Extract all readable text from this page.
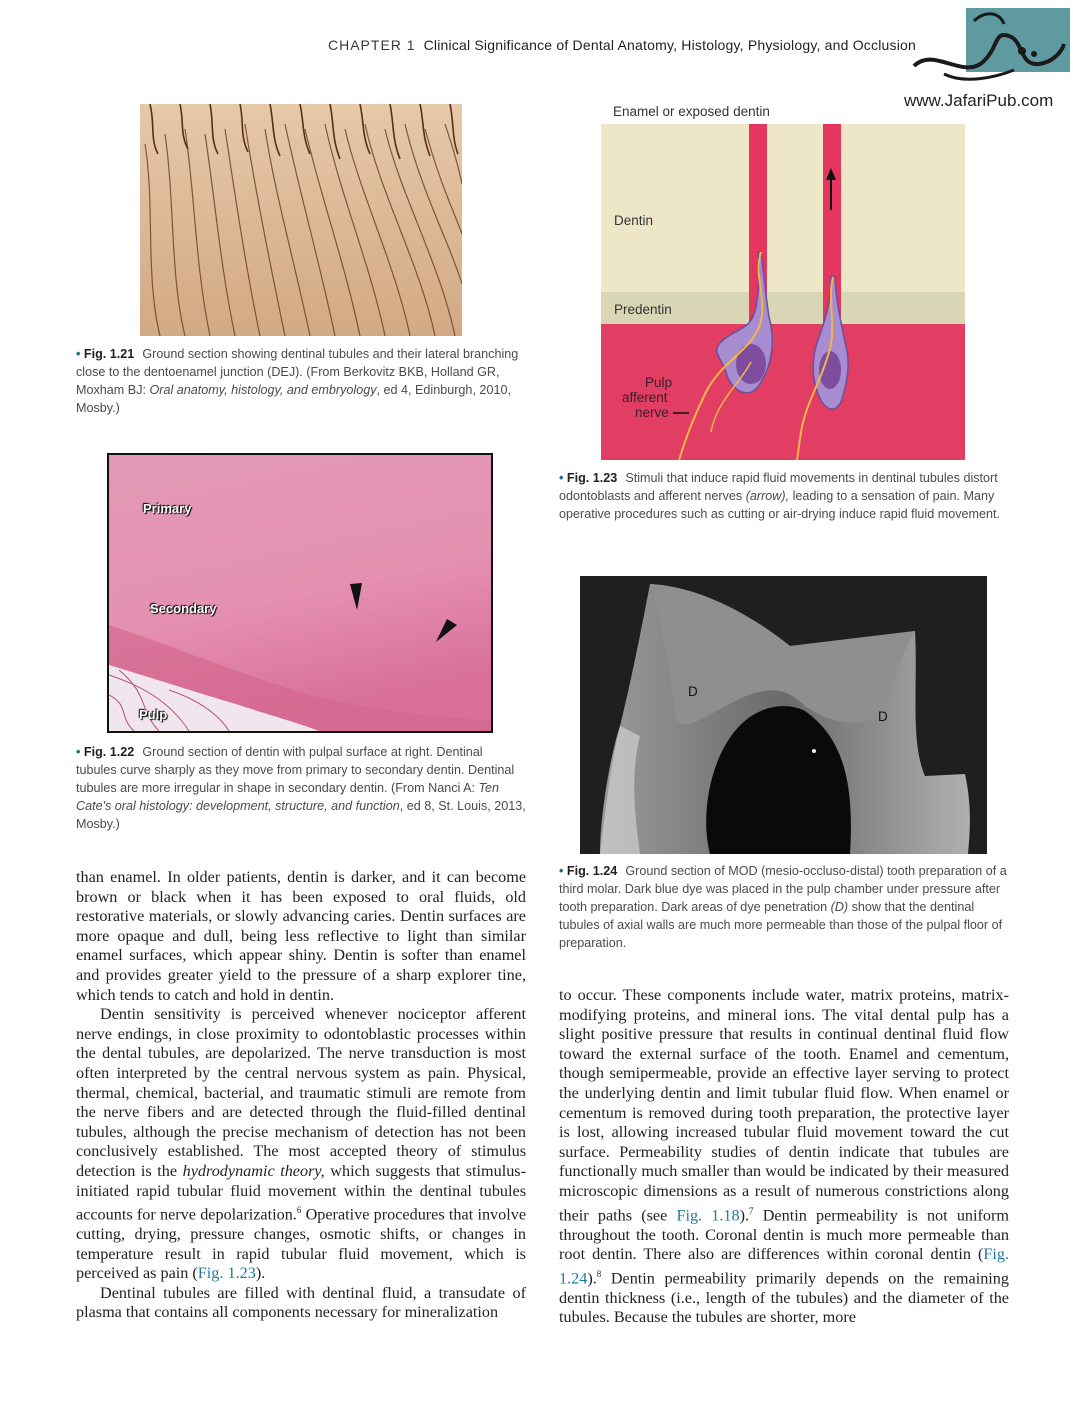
CHAPTER 1 Clinical Significance of Dental Anatomy, Histology, Physiology, and Occlusion
www.JafariPub.com
• Fig. 1.21 Ground section showing dentinal tubules and their lateral branching close to the dentoenamel junction (DEJ). (From Berkovitz BKB, Holland GR, Moxham BJ: Oral anatomy, histology, and embryology, ed 4, Edinburgh, 2010, Mosby.)
Primary
Secondary
Pulp
• Fig. 1.22 Ground section of dentin with pulpal surface at right. Dentinal tubules curve sharply as they move from primary to secondary dentin. Dentinal tubules are more irregular in shape in secondary dentin. (From Nanci A: Ten Cate's oral histology: development, structure, and function, ed 8, St. Louis, 2013, Mosby.)
Enamel or exposed dentin
Dentin
Predentin
Pulp
afferent
nerve
• Fig. 1.23 Stimuli that induce rapid fluid movements in dentinal tubules distort odontoblasts and afferent nerves (arrow), leading to a sensation of pain. Many operative procedures such as cutting or air-drying induce rapid fluid movement.
D
D
• Fig. 1.24 Ground section of MOD (mesio-occluso-distal) tooth preparation of a third molar. Dark blue dye was placed in the pulp chamber under pressure after tooth preparation. Dark areas of dye penetration (D) show that the dentinal tubules of axial walls are much more permeable than those of the pulpal floor of preparation.

than enamel. In older patients, dentin is darker, and it can become brown or black when it has been exposed to oral fluids, old restorative materials, or slowly advancing caries. Dentin surfaces are more opaque and dull, being less reflective to light than similar enamel surfaces, which appear shiny. Dentin is softer than enamel and provides greater yield to the pressure of a sharp explorer tine, which tends to catch and hold in dentin.

Dentin sensitivity is perceived whenever nociceptor afferent nerve endings, in close proximity to odontoblastic processes within the dental tubules, are depolarized. The nerve transduction is most often interpreted by the central nervous system as pain. Physical, thermal, chemical, bacterial, and traumatic stimuli are remote from the nerve fibers and are detected through the fluid-filled dentinal tubules, although the precise mechanism of detection has not been conclusively established. The most accepted theory of stimulus detection is the hydrodynamic theory, which suggests that stimulus-initiated rapid tubular fluid movement within the dentinal tubules accounts for nerve depolarization.$^6$ Operative procedures that involve cutting, drying, pressure changes, osmotic shifts, or changes in temperature result in rapid tubular fluid movement, which is perceived as pain (Fig. 1.23).

Dentinal tubules are filled with dentinal fluid, a transudate of plasma that contains all components necessary for mineralization

to occur. These components include water, matrix proteins, matrix-modifying proteins, and mineral ions. The vital dental pulp has a slight positive pressure that results in continual dentinal fluid flow toward the external surface of the tooth. Enamel and cementum, though semipermeable, provide an effective layer serving to protect the underlying dentin and limit tubular fluid flow. When enamel or cementum is removed during tooth preparation, the protective layer is lost, allowing increased tubular fluid movement toward the cut surface. Permeability studies of dentin indicate that tubules are functionally much smaller than would be indicated by their measured microscopic dimensions as a result of numerous constrictions along their paths (see Fig. 1.18).$^7$ Dentin permeability is not uniform throughout the tooth. Coronal dentin is much more permeable than root dentin. There also are differences within coronal dentin (Fig. 1.24).$^8$ Dentin permeability primarily depends on the remaining dentin thickness (i.e., length of the tubules) and the diameter of the tubules. Because the tubules are shorter, more
